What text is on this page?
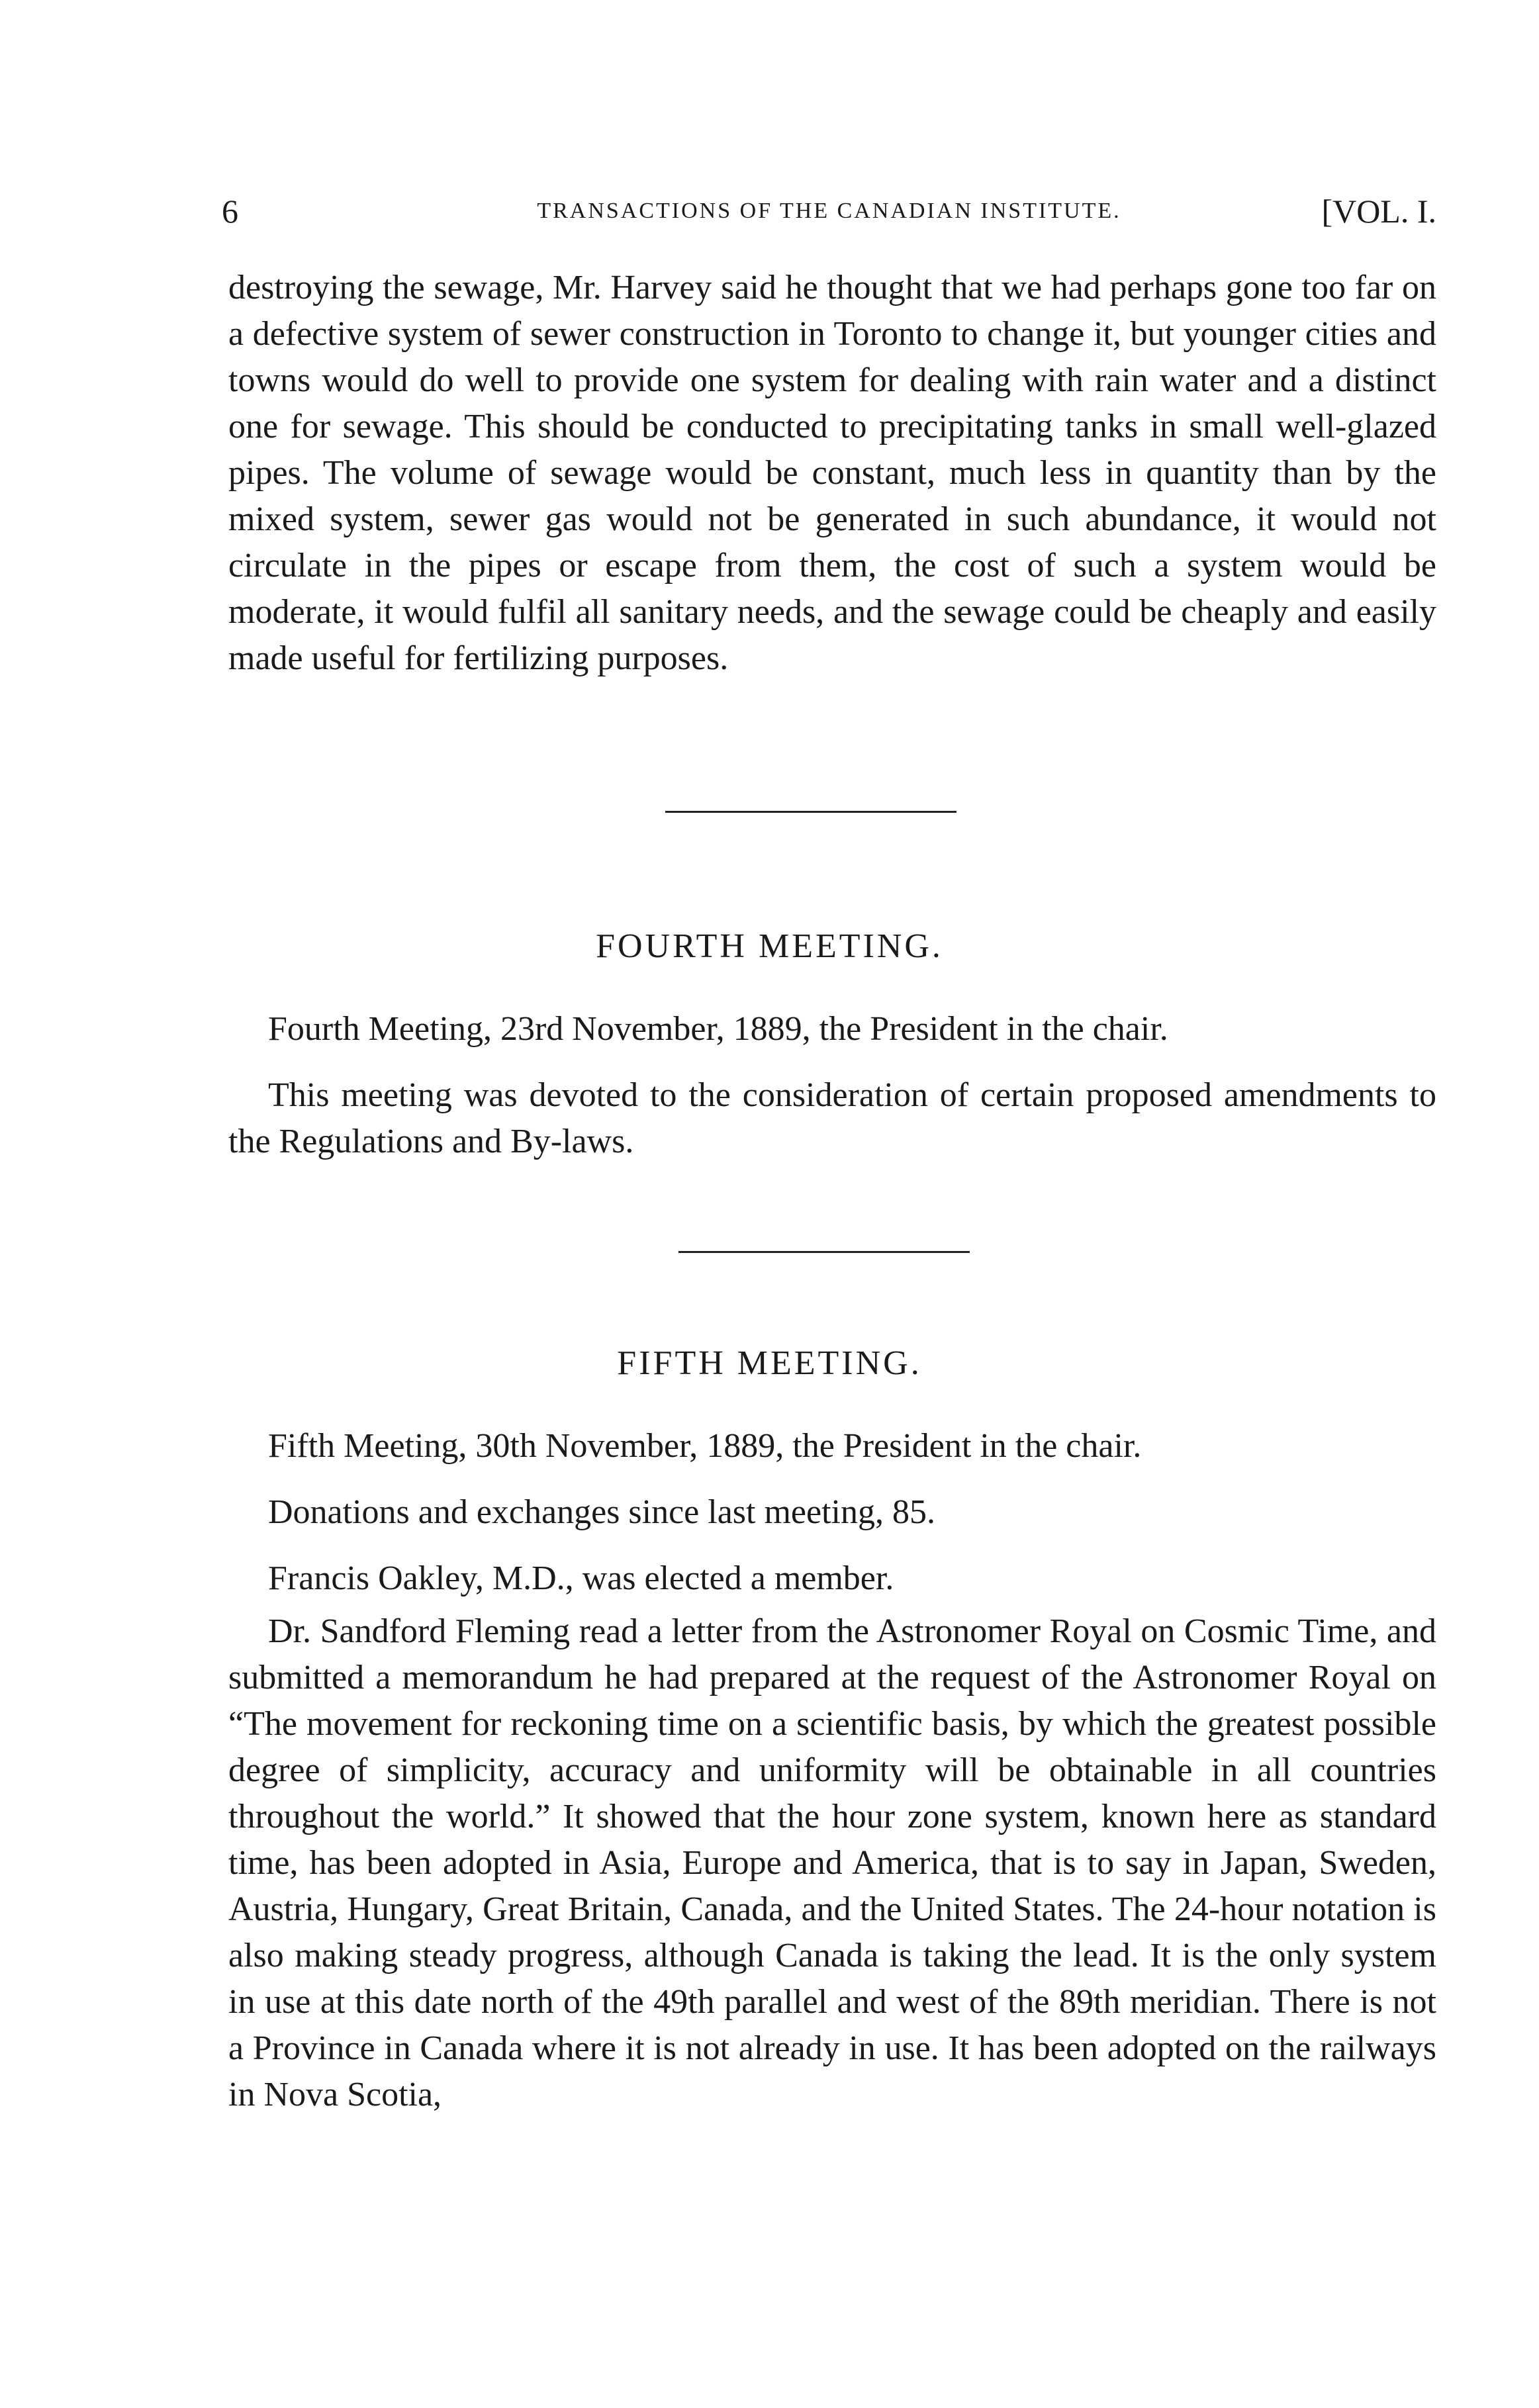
6	TRANSACTIONS OF THE CANADIAN INSTITUTE.	[VOL. I.

destroying the sewage, Mr. Harvey said he thought that we had perhaps gone too far on a defective system of sewer construction in Toronto to change it, but younger cities and towns would do well to provide one system for dealing with rain water and a distinct one for sewage. This should be conducted to precipitating tanks in small well-glazed pipes. The volume of sewage would be constant, much less in quantity than by the mixed system, sewer gas would not be generated in such abundance, it would not circulate in the pipes or escape from them, the cost of such a system would be moderate, it would fulfil all sanitary needs, and the sewage could be cheaply and easily made useful for fertilizing purposes.

FOURTH MEETING.

Fourth Meeting, 23rd November, 1889, the President in the chair.

This meeting was devoted to the consideration of certain proposed amendments to the Regulations and By-laws.

FIFTH MEETING.

Fifth Meeting, 30th November, 1889, the President in the chair.

Donations and exchanges since last meeting, 85.

Francis Oakley, M.D., was elected a member.

Dr. Sandford Fleming read a letter from the Astronomer Royal on Cosmic Time, and submitted a memorandum he had prepared at the request of the Astronomer Royal on “The movement for reckoning time on a scientific basis, by which the greatest possible degree of simplicity, accuracy and uniformity will be obtainable in all countries throughout the world.” It showed that the hour zone system, known here as standard time, has been adopted in Asia, Europe and America, that is to say in Japan, Sweden, Austria, Hungary, Great Britain, Canada, and the United States. The 24-hour notation is also making steady progress, although Canada is taking the lead. It is the only system in use at this date north of the 49th parallel and west of the 89th meridian. There is not a Province in Canada where it is not already in use. It has been adopted on the railways in Nova Scotia,
